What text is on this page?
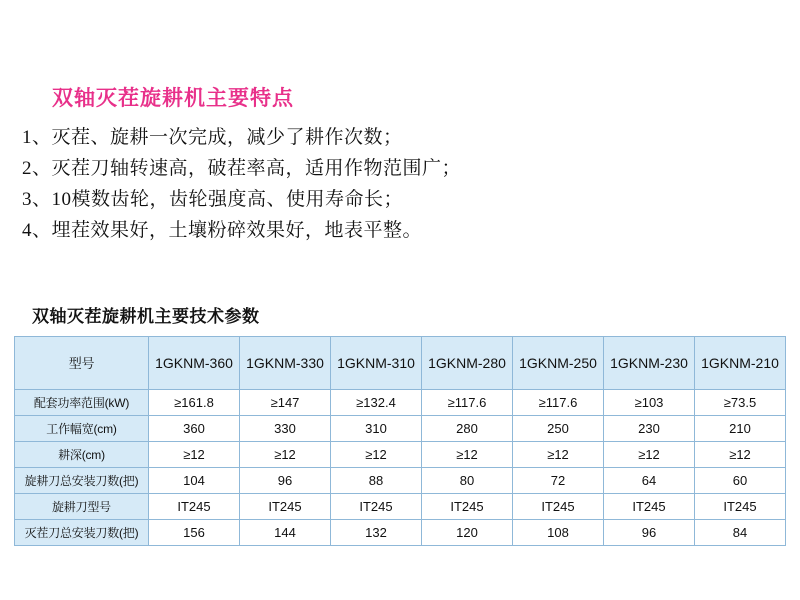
双轴灭茬旋耕机主要特点
1、灭茬、旋耕一次完成，减少了耕作次数；
2、灭茬刀轴转速高，破茬率高，适用作物范围广；
3、10模数齿轮，齿轮强度高、使用寿命长；
4、埋茬效果好，土壤粉碎效果好，地表平整。
双轴灭茬旋耕机主要技术参数
型号	1GKNM-360	1GKNM-330	1GKNM-310	1GKNM-280	1GKNM-250	1GKNM-230	1GKNM-210
配套功率范围(kW)	≥161.8	≥147	≥132.4	≥117.6	≥117.6	≥103	≥73.5
工作幅宽(cm)	360	330	310	280	250	230	210
耕深(cm)	≥12	≥12	≥12	≥12	≥12	≥12	≥12
旋耕刀总安装刀数(把)	104	96	88	80	72	64	60
旋耕刀型号	IT245	IT245	IT245	IT245	IT245	IT245	IT245
灭茬刀总安装刀数(把)	156	144	132	120	108	96	84
